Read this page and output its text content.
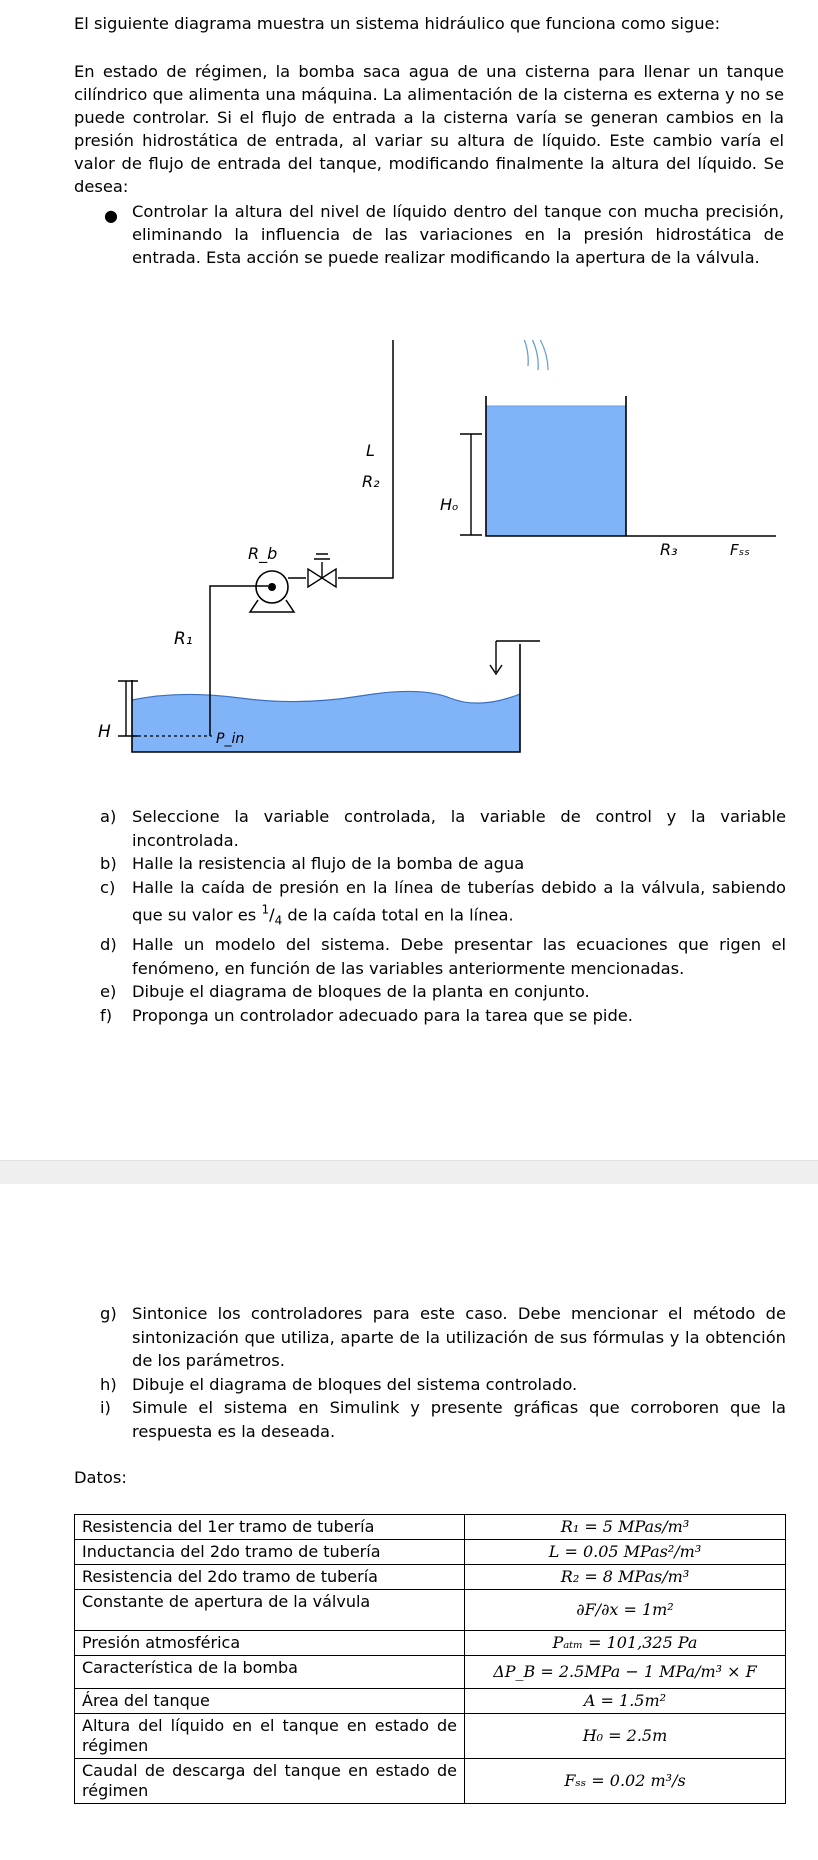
El siguiente diagrama muestra un sistema hidráulico que funciona como sigue:
En estado de régimen, la bomba saca agua de una cisterna para llenar un tanque cilíndrico que alimenta una máquina. La alimentación de la cisterna es externa y no se puede controlar. Si el flujo de entrada a la cisterna varía se generan cambios en la presión hidrostática de entrada, al variar su altura de líquido. Este cambio varía el valor de flujo de entrada del tanque, modificando finalmente la altura del líquido. Se desea:
● Controlar la altura del nivel de líquido dentro del tanque con mucha precisión, eliminando la influencia de las variaciones en la presión hidrostática de entrada. Esta acción se puede realizar modificando la apertura de la válvula.
H	P_in
R₁
R_b
L
R₂
Hₒ
R₃	Fₛₛ
a) Seleccione la variable controlada, la variable de control y la variable incontrolada.
b) Halle la resistencia al flujo de la bomba de agua
c) Halle la caída de presión en la línea de tuberías debido a la válvula, sabiendo que su valor es $^1/_4$ de la caída total en la línea.
d) Halle un modelo del sistema. Debe presentar las ecuaciones que rigen el fenómeno, en función de las variables anteriormente mencionadas.
e) Dibuje el diagrama de bloques de la planta en conjunto.
f) Proponga un controlador adecuado para la tarea que se pide.
g) Sintonice los controladores para este caso. Debe mencionar el método de sintonización que utiliza, aparte de la utilización de sus fórmulas y la obtención de los parámetros.
h) Dibuje el diagrama de bloques del sistema controlado.
i) Simule el sistema en Simulink y presente gráficas que corroboren que la respuesta es la deseada.
Datos:
Resistencia del 1er tramo de tubería	R₁ = 5 MPas/m³
Inductancia del 2do tramo de tubería	L = 0.05 MPas²/m³
Resistencia del 2do tramo de tubería	R₂ = 8 MPas/m³
Constante de apertura de la válvula	∂F/∂x = 1m²
Presión atmosférica	Pₐₜₘ = 101,325 Pa
Característica de la bomba	ΔP_B = 2.5MPa − 1 MPa/m³ × F
Área del tanque	A = 1.5m²
Altura del líquido en el tanque en estado de régimen	H₀ = 2.5m
Caudal de descarga del tanque en estado de régimen	Fₛₛ = 0.02 m³/s
